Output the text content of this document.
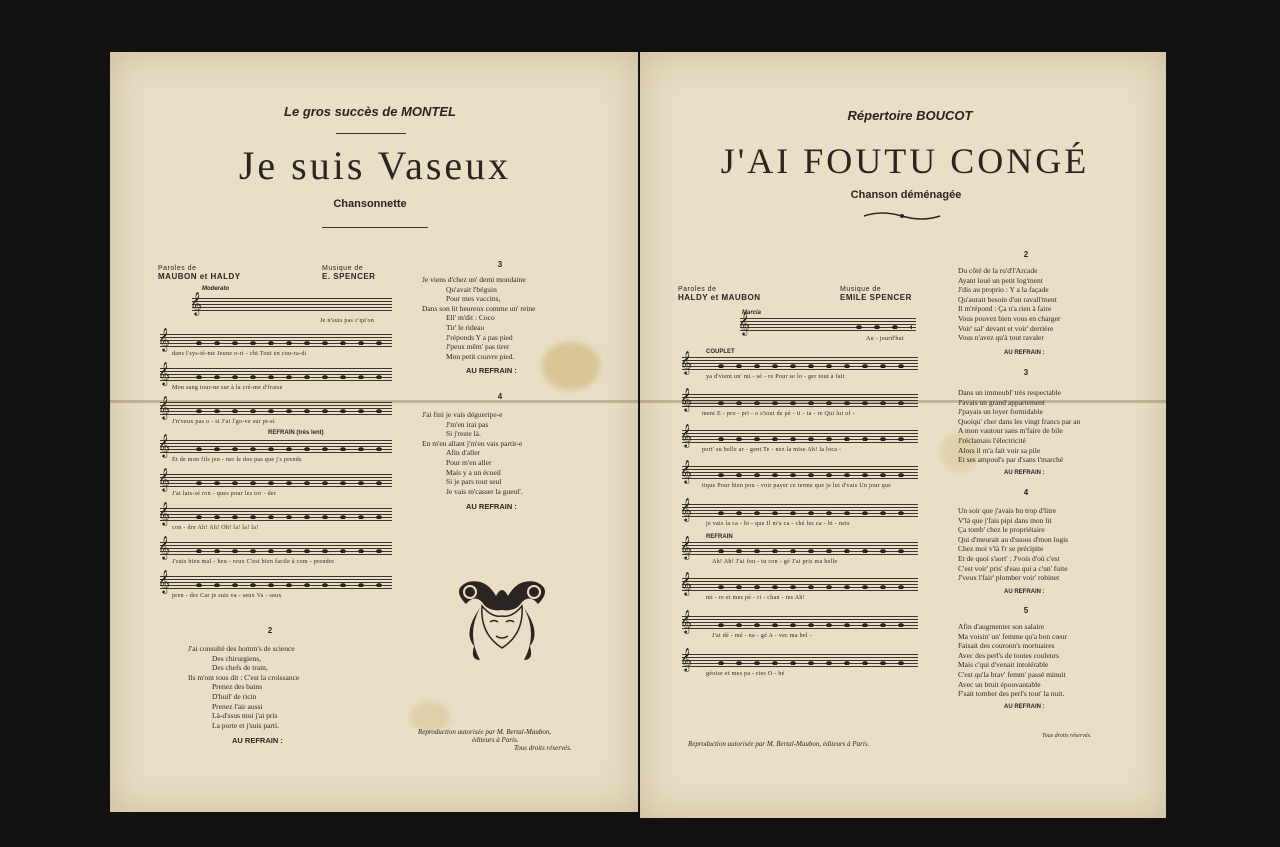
Le gros succès de MONTEL
Je suis Vaseux
Chansonnette
Paroles de
MAUBON et HALDY
Musique de
E. SPENCER
Moderato
𝄞
Je n'suis pas c'qu'on
𝄞
dans l'sys-tè-me Jeune o-ri - chi Tout en cou-ra-di
𝄞
Mon sang tour-ne sur à la crè-me d'fraise
𝄞
J'n'veux pas o - si J'ai l'go-ve sur pi-si
REFRAIN (très lent)
𝄞
Et de mon fils jeu - ner le dos pas que j's prends
𝄞
J'ai lais-sé ron - ques pour les tor - der
𝄞
con - dre Ah! Ah! Oh! la! la! la!
𝄞
J'suis bien mal - heu - reux C'est bien facile à com - prendre
𝄞
pren - dre Car je suis va - seux Va - seux
3
Je viens d'chez un' demi mondaine
Qu'avait l'béguin
Pour mes vaccins,
Dans son lit heureux comme un' reine
Ell' m'dit : Coco
Tir' le rideau
J'réponds Y a pas pied
J'peux mêm' pas tirer
Mon petit couvre pied.
AU REFRAIN :
4
J'ai fini je vais dégueripe-e
J'm'en irai pas
Si j'reste là.
En m'en allant j'm'en vais partir-e
Afin d'aller
Pour m'en aller
Mais y a un écueil
Si je pars tout seul
Je vais m'casser la gueul'.
AU REFRAIN :
2
J'ai consulté des homm's de science
Des chirurgiens,
Des chefs de train,
Ils m'ont tous dit : C'est la croissance
Prenez des bains
D'huil' de ricin
Prenez l'air aussi
Là-d'ssus moi j'ai pris
La porte et j'suis parti.
AU REFRAIN :
Reproduction autorisée par M. Bertal-Maubon,
éditeurs à Paris.
Tous droits réservés.
Répertoire BOUCOT
J'AI FOUTU CONGÉ
Chanson déménagée
Paroles de
HALDY et MAUBON
Musique de
EMILE SPENCER
Marcia
𝄞
Au - jourd'hui
COUPLET
𝄞
ya d'vient un' mi - sè - re Pour se lo - ger tout à fait
𝄞
ment E - pro - pri - o s'tout de pé - ti - ta - re Qui lui of -
𝄞
port' su belle ar - gent Te - nez la mise Ah! la loca -
𝄞
tique Pour bien pou - voir payer ce terme que je lui d'vais Un jour que
𝄞
je vais la ca - bi - que Il m'a ca - ché les ca - bi - nets
REFRAIN
𝄞
Ah! Ah! J'ai fou - tu con - gé J'ai pris ma belle
𝄞
mi - re et mes pé - ri - chan - tes Ah!
𝄞
J'ai dé - mé - na - gé A - vec ma bel -
𝄞
géoise et mes pa - ries O - bé
2
Du côté de la ru'd'l'Arcade
Ayant loué un petit log'ment
J'dis au proprio : Y a la façade
Qu'aurait besoin d'un ravall'ment
Il m'répond : Ça n'a rien à faire
Vous pouvez bien vous en charger
Voir' sal' devant et voir' derrière
Vous n'avez qu'à tout ravaler
AU REFRAIN :
3
Dans un immeubl' très respectable
J'avais un grand appartement
J'payais un loyer formidable
Quoiqu' cher dans les vingt francs par an
A mon vautour sans m'faire de bile
J'réclamais l'électricité
Alors il m'a fait voir sa pile
Et ses ampoul's par d'sans l'marché
AU REFRAIN :
4
Un soir que j'avais bu trop d'litre
V'là que j'fais pipi dans mon lit
Ça tomb' chez le propriétaire
Qui d'meurait au d'ssous d'mon logis
Chez moi v'là l'r se précipite
Et de quoi s'sort' : J'vois d'où c'est
C'est voir' pris' d'eau qui a c'un' fuite
J'veux l'fair' plomber voir' robinet
AU REFRAIN :
5
Afin d'augmenter son salaire
Ma voisin' un' femme qu'a bon cœur
Faisait des couronn's mortuaires
Avec des perl's de toutes couleurs
Mais c'qui d'venait intolérable
C'est qu'la brav' femm' passé minuit
Avec un bruit épouvantable
F'sait tomber des perl's tout' la nuit.
AU REFRAIN :
Reproduction autorisée par M. Bertal-Maubon, éditeurs à Paris.
Tous droits réservés.
